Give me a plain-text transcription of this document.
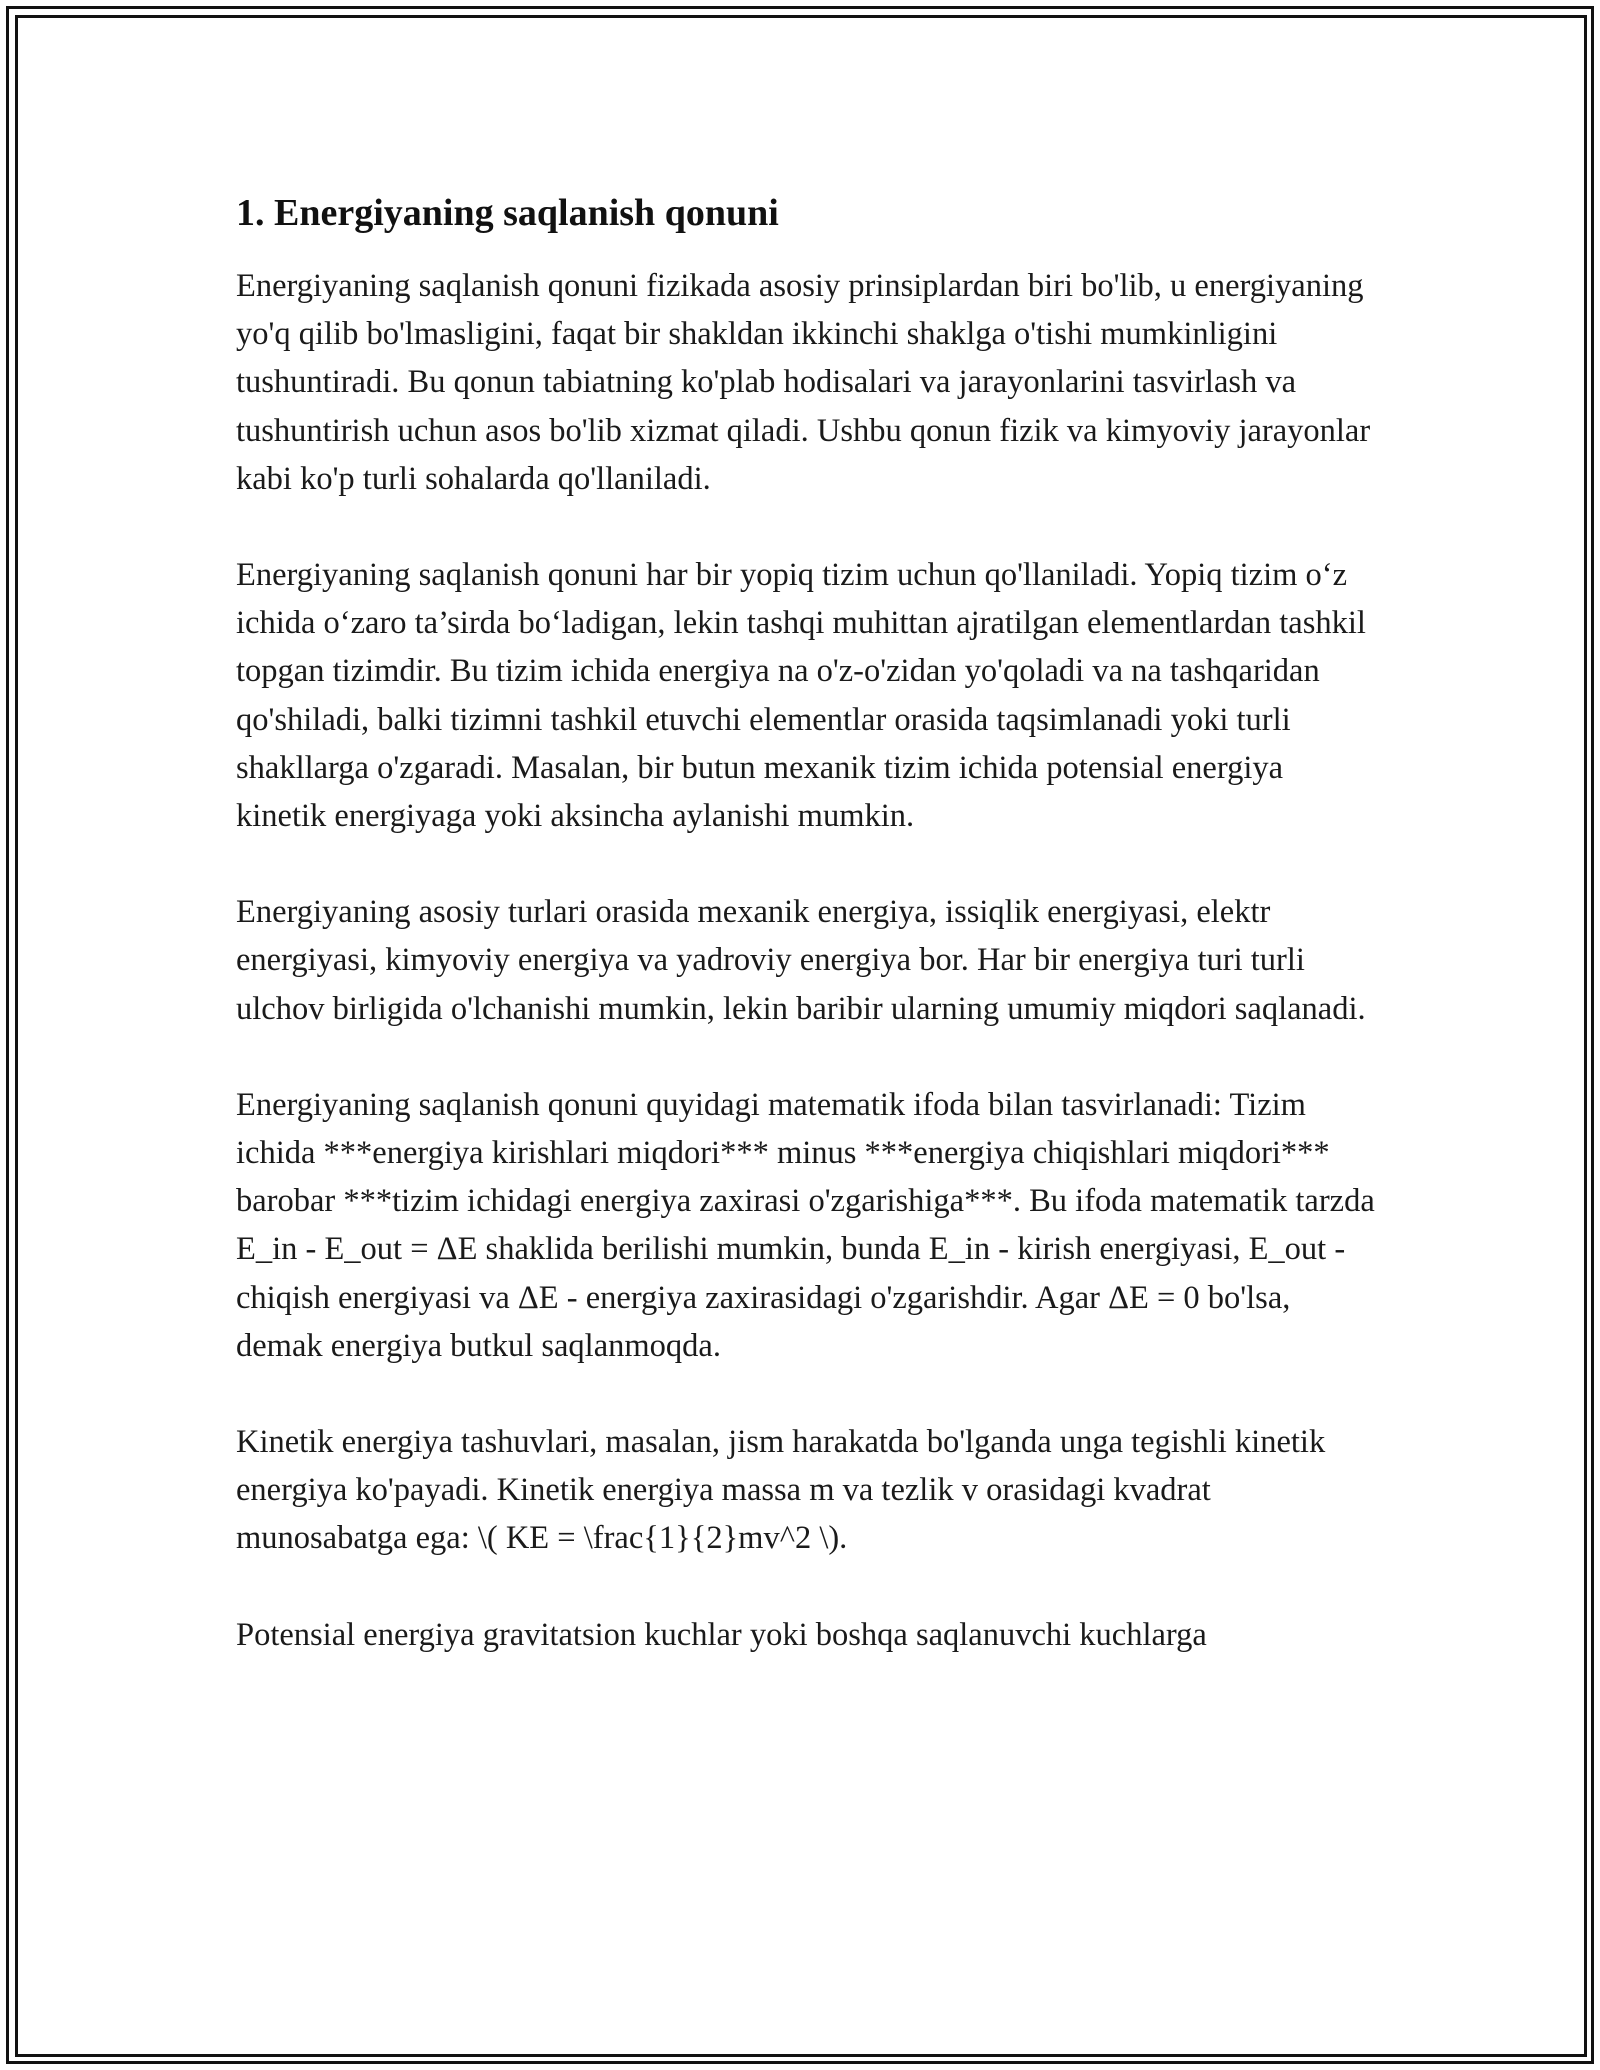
1. Energiyaning saqlanish qonuni

Energiyaning saqlanish qonuni fizikada asosiy prinsiplardan biri bo'lib, u energiyaning yo'q qilib bo'lmasligini, faqat bir shakldan ikkinchi shaklga o'tishi mumkinligini tushuntiradi. Bu qonun tabiatning ko'plab hodisalari va jarayonlarini tasvirlash va tushuntirish uchun asos bo'lib xizmat qiladi. Ushbu qonun fizik va kimyoviy jarayonlar kabi ko'p turli sohalarda qo'llaniladi.

Energiyaning saqlanish qonuni har bir yopiq tizim uchun qo'llaniladi. Yopiq tizim o‘z ichida o‘zaro ta’sirda bo‘ladigan, lekin tashqi muhittan ajratilgan elementlardan tashkil topgan tizimdir. Bu tizim ichida energiya na o'z-o'zidan yo'qoladi va na tashqaridan qo'shiladi, balki tizimni tashkil etuvchi elementlar orasida taqsimlanadi yoki turli shakllarga o'zgaradi. Masalan, bir butun mexanik tizim ichida potensial energiya kinetik energiyaga yoki aksincha aylanishi mumkin.

Energiyaning asosiy turlari orasida mexanik energiya, issiqlik energiyasi, elektr energiyasi, kimyoviy energiya va yadroviy energiya bor. Har bir energiya turi turli ulchov birligida o'lchanishi mumkin, lekin baribir ularning umumiy miqdori saqlanadi.

Energiyaning saqlanish qonuni quyidagi matematik ifoda bilan tasvirlanadi: Tizim ichida ***energiya kirishlari miqdori*** minus ***energiya chiqishlari miqdori*** barobar ***tizim ichidagi energiya zaxirasi o'zgarishiga***. Bu ifoda matematik tarzda E_in - E_out = ΔE shaklida berilishi mumkin, bunda E_in - kirish energiyasi, E_out - chiqish energiyasi va ΔE - energiya zaxirasidagi o'zgarishdir. Agar ΔE = 0 bo'lsa, demak energiya butkul saqlanmoqda.

Kinetik energiya tashuvlari, masalan, jism harakatda bo'lganda unga tegishli kinetik energiya ko'payadi. Kinetik energiya massa m va tezlik v orasidagi kvadrat munosabatga ega: \( KE = \frac{1}{2}mv^2 \).

Potensial energiya gravitatsion kuchlar yoki boshqa saqlanuvchi kuchlarga
